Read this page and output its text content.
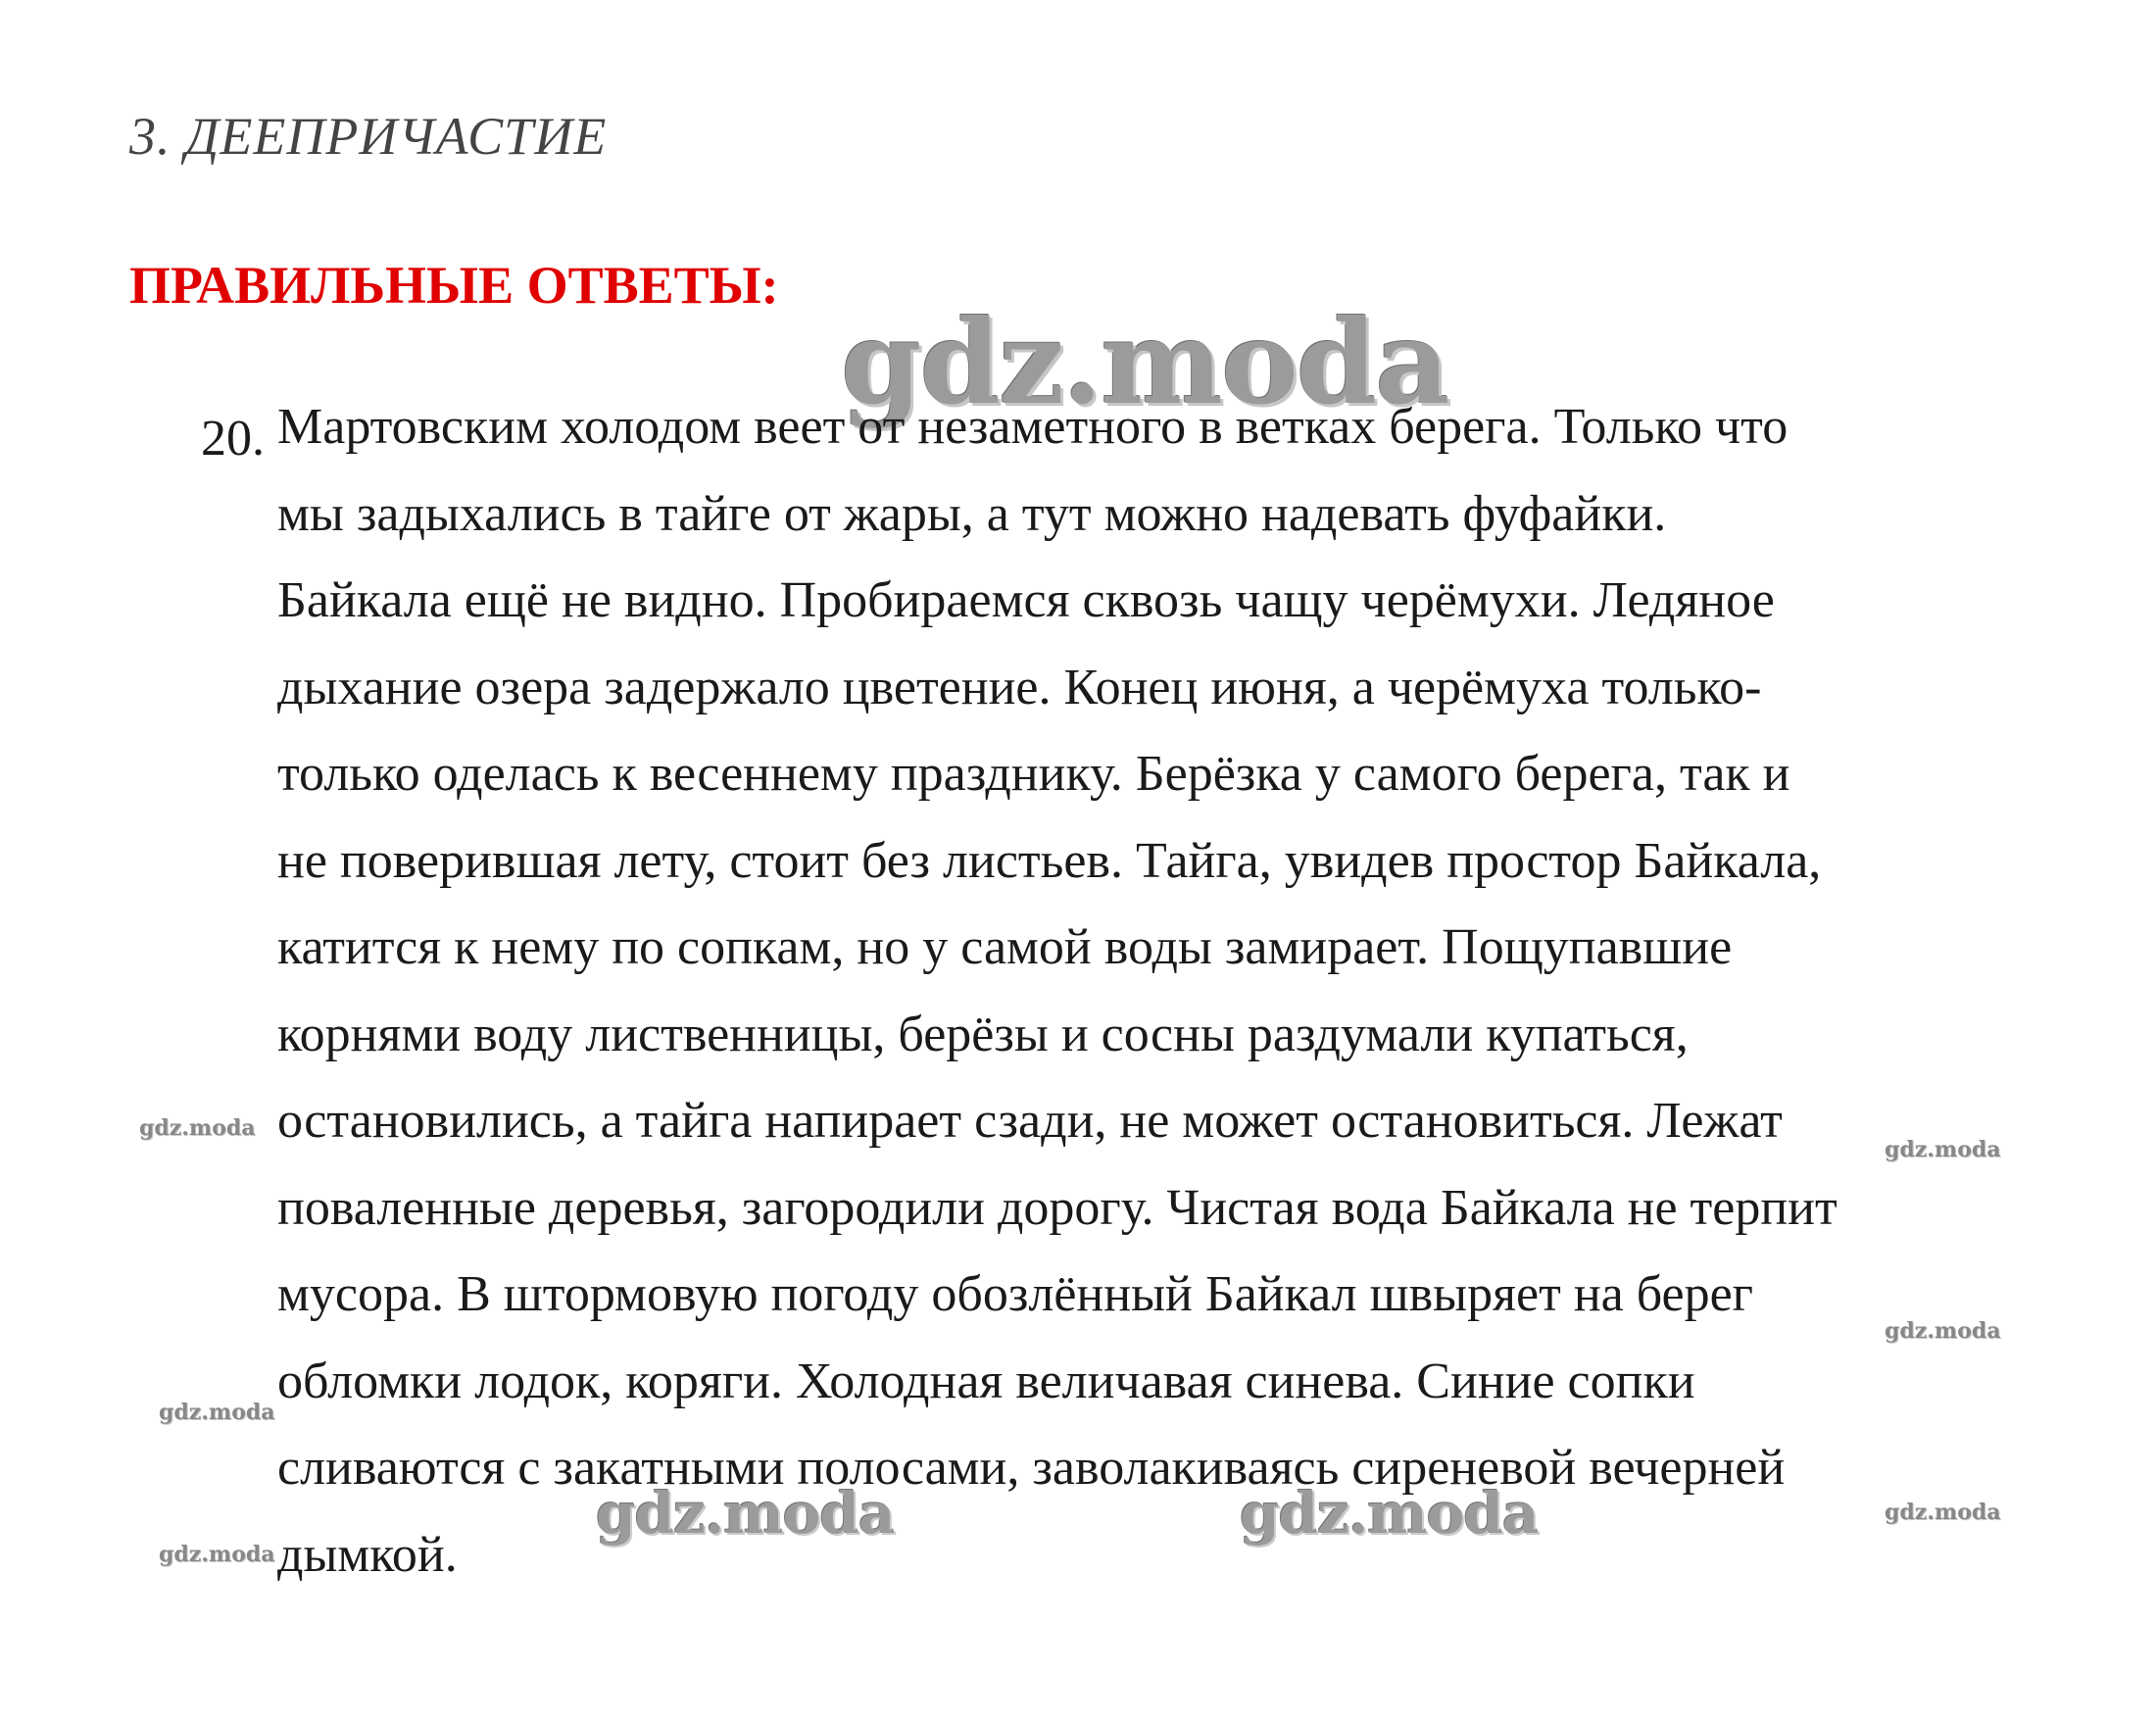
3. ДЕЕПРИЧАСТИЕ
ПРАВИЛЬНЫЕ ОТВЕТЫ:
gdz.moda
20. Мартовским холодом веет от незаметного в ветках берега. Только что
мы задыхались в тайге от жары, а тут можно надевать фуфайки.
Байкала ещё не видно. Пробираемся сквозь чащу черёмухи. Ледяное
дыхание озера задержало цветение. Конец июня, а черёмуха только-
только оделась к весеннему празднику. Берёзка у самого берега, так и
не поверившая лету, стоит без листьев. Тайга, увидев простор Байкала,
катится к нему по сопкам, но у самой воды замирает. Пощупавшие
корнями воду лиственницы, берёзы и сосны раздумали купаться,
остановились, а тайга напирает сзади, не может остановиться. Лежат
поваленные деревья, загородили дорогу. Чистая вода Байкала не терпит
мусора. В штормовую погоду обозлённый Байкал швыряет на берег
обломки лодок, коряги. Холодная величавая синева. Синие сопки
сливаются с закатными полосами, заволакиваясь сиреневой вечерней
дымкой.
gdz.moda
gdz.moda
gdz.moda
gdz.moda
gdz.moda
gdz.moda
gdz.moda	gdz.moda
